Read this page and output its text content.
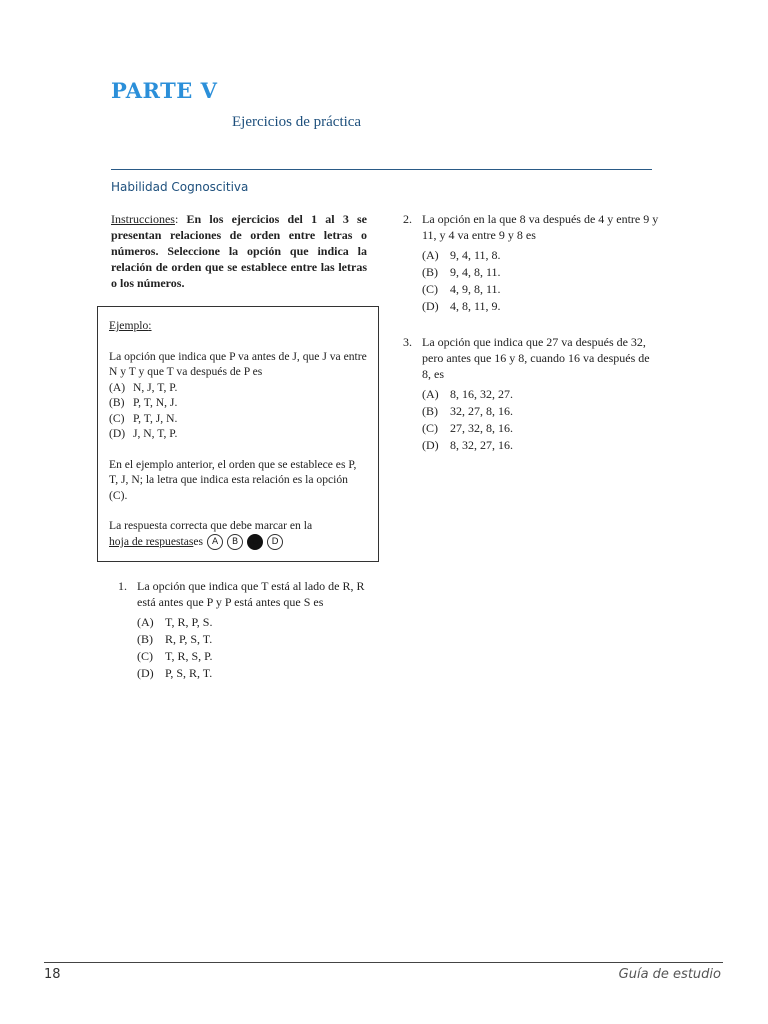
PARTE V
Ejercicios de práctica
Habilidad Cognoscitiva
Instrucciones: En los ejercicios del 1 al 3 se presentan relaciones de orden entre letras o números. Seleccione la opción que indica la relación de orden que se establece entre las letras o los números.
Ejemplo:
La opción que indica que P va antes de J, que J va entre N y T y que T va después de P es
(A) N, J, T, P.
(B) P, T, N, J.
(C) P, T, J, N.
(D) J, N, T, P.
En el ejemplo anterior, el orden que se establece es P, T, J, N; la letra que indica esta relación es la opción (C).
La respuesta correcta que debe marcar en la
hoja de respuestas es A	B	C	D
1. La opción que indica que T está al lado de R, R está antes que P y P está antes que S es
(A) T, R, P, S.
(B)	R, P, S, T.
(C)	T, R, S, P.
(D) P, S, R, T.
2. La opción en la que 8 va después de 4 y entre 9 y 11, y 4 va entre 9 y 8 es
(A) 9, 4, 11, 8.
(B)	9, 4, 8, 11.
(C)	4, 9, 8, 11.
(D) 4, 8, 11, 9.
3. La opción que indica que 27 va después de 32, pero antes que 16 y 8, cuando 16 va después de 8, es
(A) 8, 16, 32, 27.
(B)	32, 27, 8, 16.
(C)	27, 32, 8, 16.
(D) 8, 32, 27, 16.
18	Guía de estudio
